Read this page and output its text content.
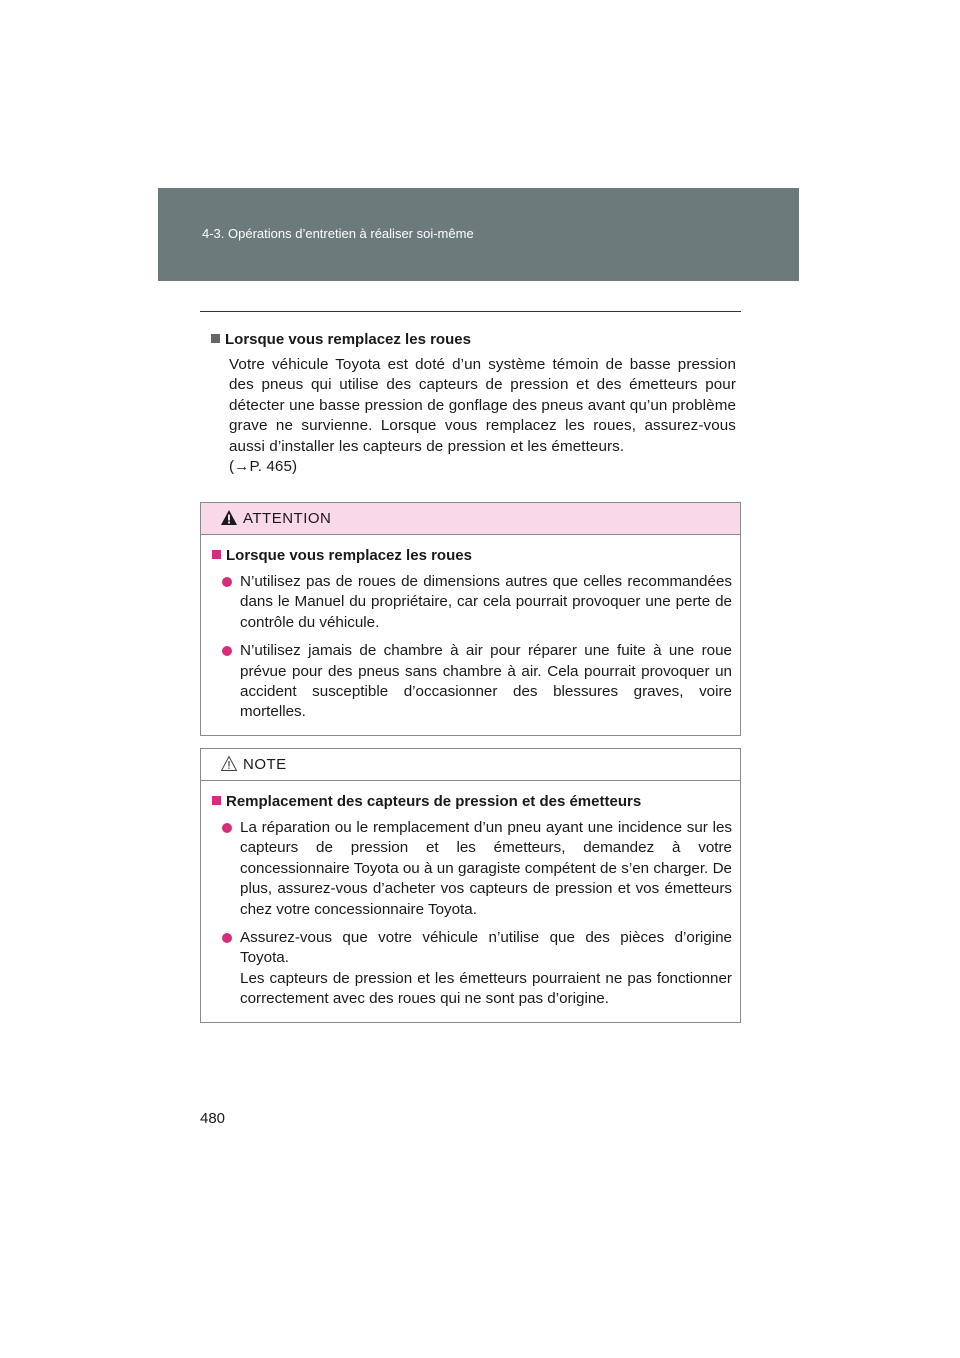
4-3. Opérations d’entretien à réaliser soi-même
Lorsque vous remplacez les roues
Votre véhicule Toyota est doté d’un système témoin de basse pression des pneus qui utilise des capteurs de pression et des émetteurs pour détecter une basse pression de gonflage des pneus avant qu’un problème grave ne survienne. Lorsque vous remplacez les roues, assurez-vous aussi d’installer les capteurs de pression et les émetteurs.
(→P. 465)
ATTENTION
Lorsque vous remplacez les roues
N’utilisez pas de roues de dimensions autres que celles recommandées dans le Manuel du propriétaire, car cela pourrait provoquer une perte de contrôle du véhicule.
N’utilisez jamais de chambre à air pour réparer une fuite à une roue prévue pour des pneus sans chambre à air. Cela pourrait provoquer un accident susceptible d’occasionner des blessures graves, voire mortelles.
NOTE
Remplacement des capteurs de pression et des émetteurs
La réparation ou le remplacement d’un pneu ayant une incidence sur les capteurs de pression et les émetteurs, demandez à votre concessionnaire Toyota ou à un garagiste compétent de s’en charger. De plus, assurez-vous d’acheter vos capteurs de pression et vos émetteurs chez votre concessionnaire Toyota.
Assurez-vous que votre véhicule n’utilise que des pièces d’origine Toyota.
Les capteurs de pression et les émetteurs pourraient ne pas fonctionner correctement avec des roues qui ne sont pas d’origine.
480
